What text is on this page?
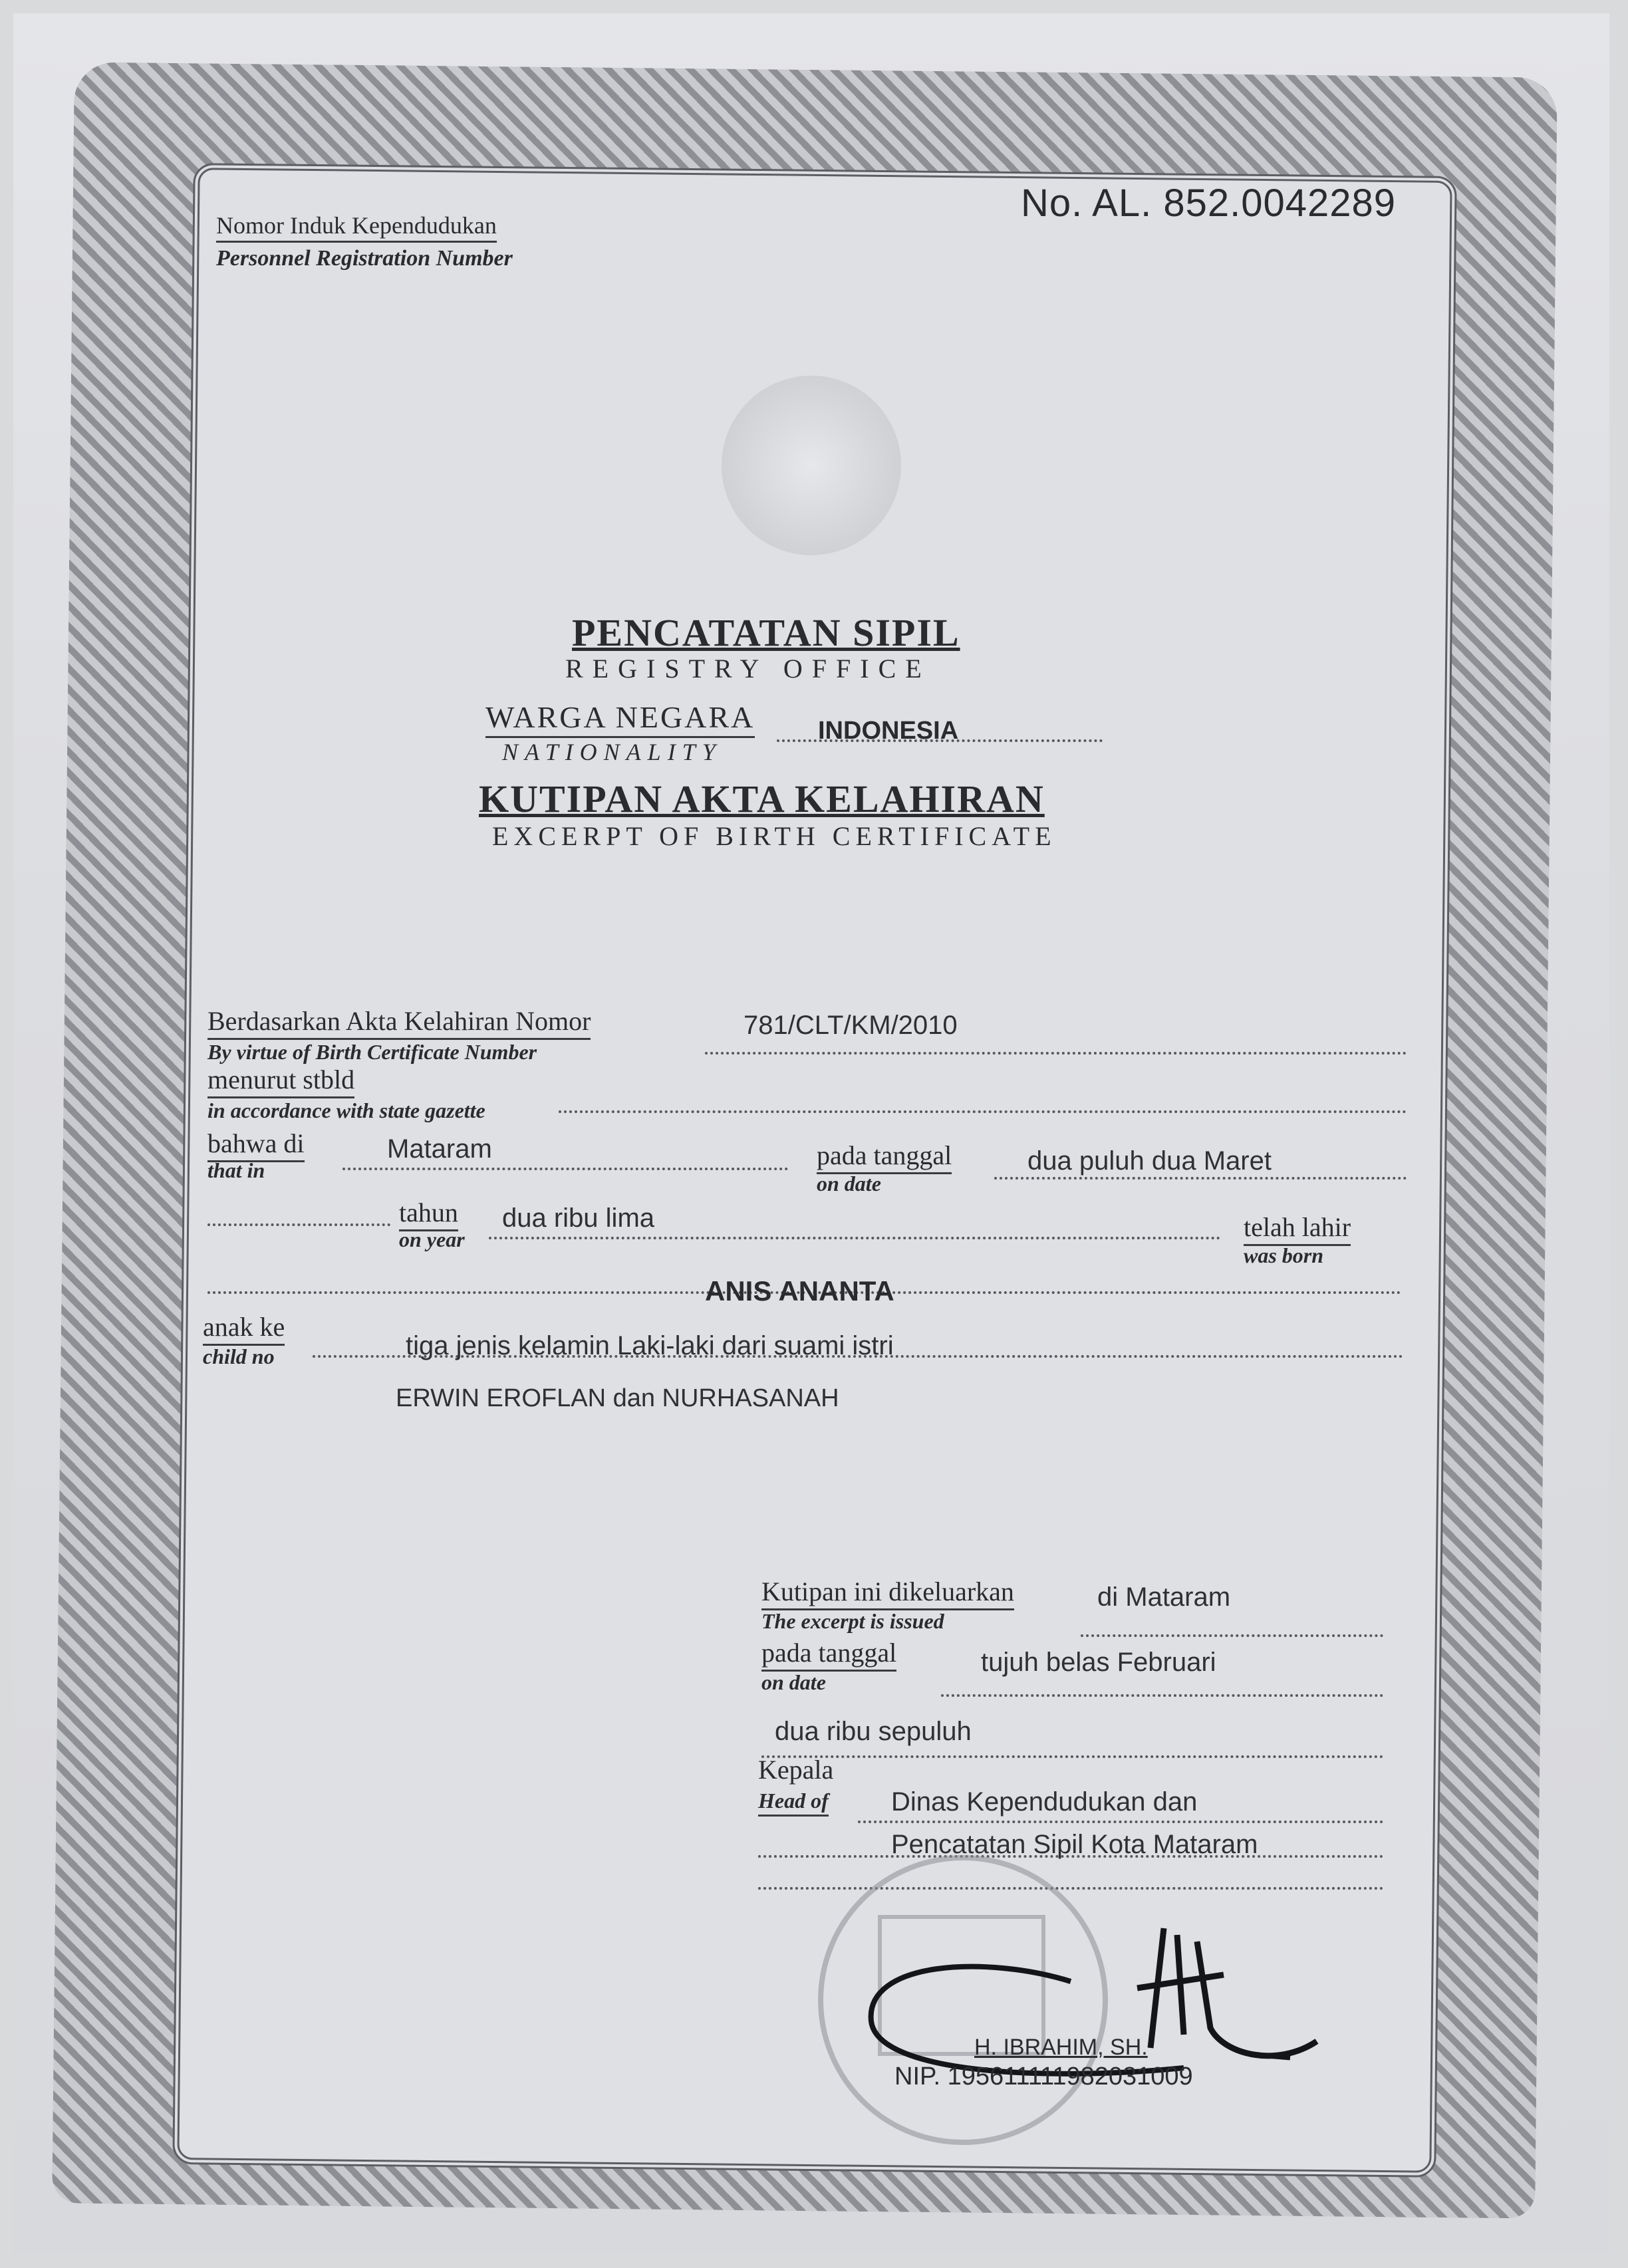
Nomor Induk Kependudukan
Personnel Registration Number
No. AL. 852.0042289
PENCATATAN SIPIL
REGISTRY OFFICE
WARGA NEGARA
NATIONALITY
INDONESIA
KUTIPAN AKTA KELAHIRAN
EXCERPT OF BIRTH CERTIFICATE
Berdasarkan Akta Kelahiran Nomor
By virtue of Birth Certificate Number
781/CLT/KM/2010
menurut stbld
in accordance with state gazette
bahwa di
that in
Mataram	pada tanggal
on date
dua puluh dua Maret
tahun
on year
dua ribu lima	telah lahir
was born
ANIS ANANTA
anak ke
child no	tiga jenis kelamin Laki-laki dari suami istri
ERWIN EROFLAN dan NURHASANAH
Kutipan ini dikeluarkan
The excerpt is issued
di Mataram
pada tanggal
on date
tujuh belas Februari
dua ribu sepuluh
Kepala
Head of Dinas Kependudukan dan
Pencatatan Sipil Kota Mataram
H. IBRAHIM, SH.
NIP. 195611111982031009
